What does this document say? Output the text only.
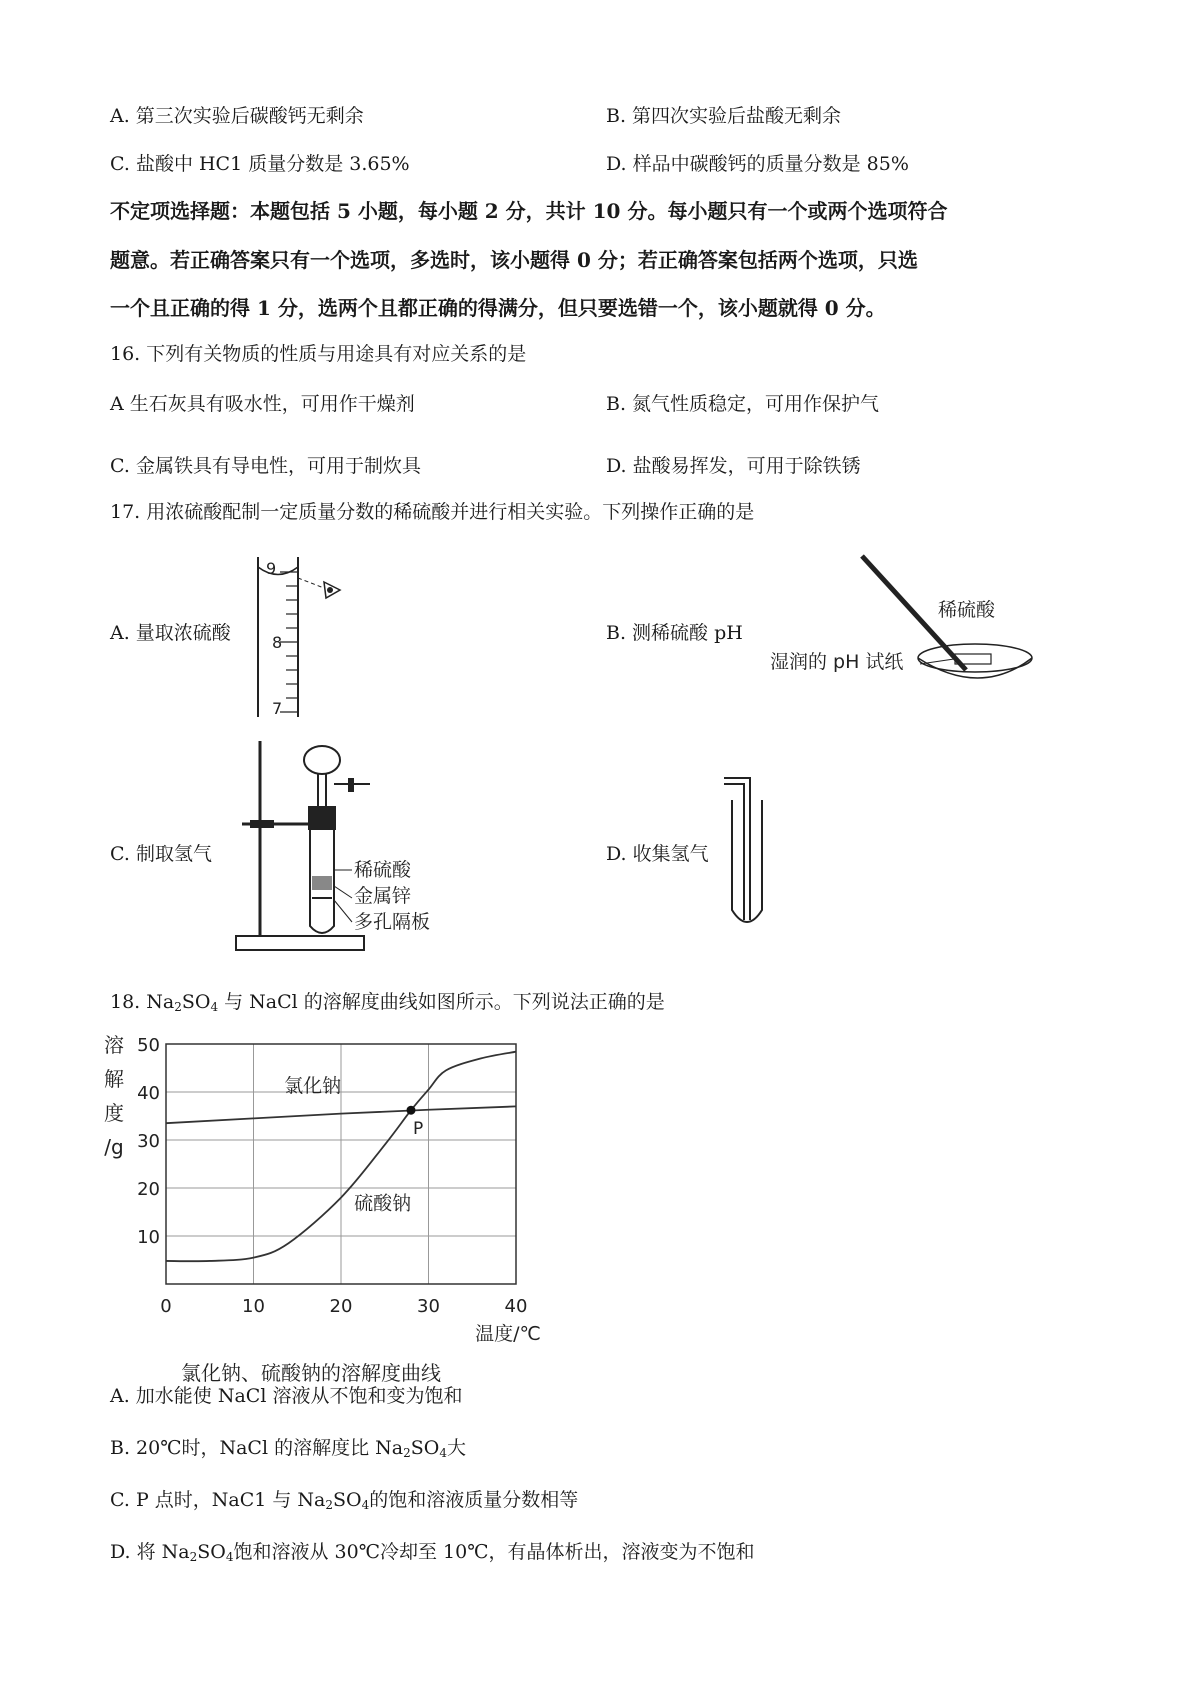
A. 第三次实验后碳酸钙无剩余	B. 第四次实验后盐酸无剩余
C. 盐酸中 HC1 质量分数是 3.65%	D. 样品中碳酸钙的质量分数是 85%
不定项选择题：本题包括 5 小题，每小题 2 分，共计 10 分。每小题只有一个或两个选项符合
题意。若正确答案只有一个选项，多选时，该小题得 0 分；若正确答案包括两个选项，只选
一个且正确的得 1 分，选两个且都正确的得满分，但只要选错一个，该小题就得 0 分。
16. 下列有关物质的性质与用途具有对应关系的是
A 生石灰具有吸水性，可用作干燥剂	B. 氮气性质稳定，可用作保护气
C. 金属铁具有导电性，可用于制炊具	D. 盐酸易挥发，可用于除铁锈
17. 用浓硫酸配制一定质量分数的稀硫酸并进行相关实验。下列操作正确的是
A. 量取浓硫酸	B. 测稀硫酸 pH
C. 制取氢气	D. 收集氢气
9
8
7
稀硫酸
湿润的 pH 试纸
稀硫酸
金属锌
多孔隔板
18. $Na_2SO_4$ 与 NaCl 的溶解度曲线如图所示。下列说法正确的是
0	10	20	30	40
10
20
30
40
50
溶
解
度
/g
温度/℃
氯化钠、硫酸钠的溶解度曲线
氯化钠
硫酸钠
P
A. 加水能使 NaCl 溶液从不饱和变为饱和
B. 20℃时，NaCl 的溶解度比 $Na_2SO_4$大
C. P 点时，NaC1 与 $Na_2SO_4$的饱和溶液质量分数相等
D. 将 $Na_2SO_4$饱和溶液从 30℃冷却至 10℃，有晶体析出，溶液变为不饱和
